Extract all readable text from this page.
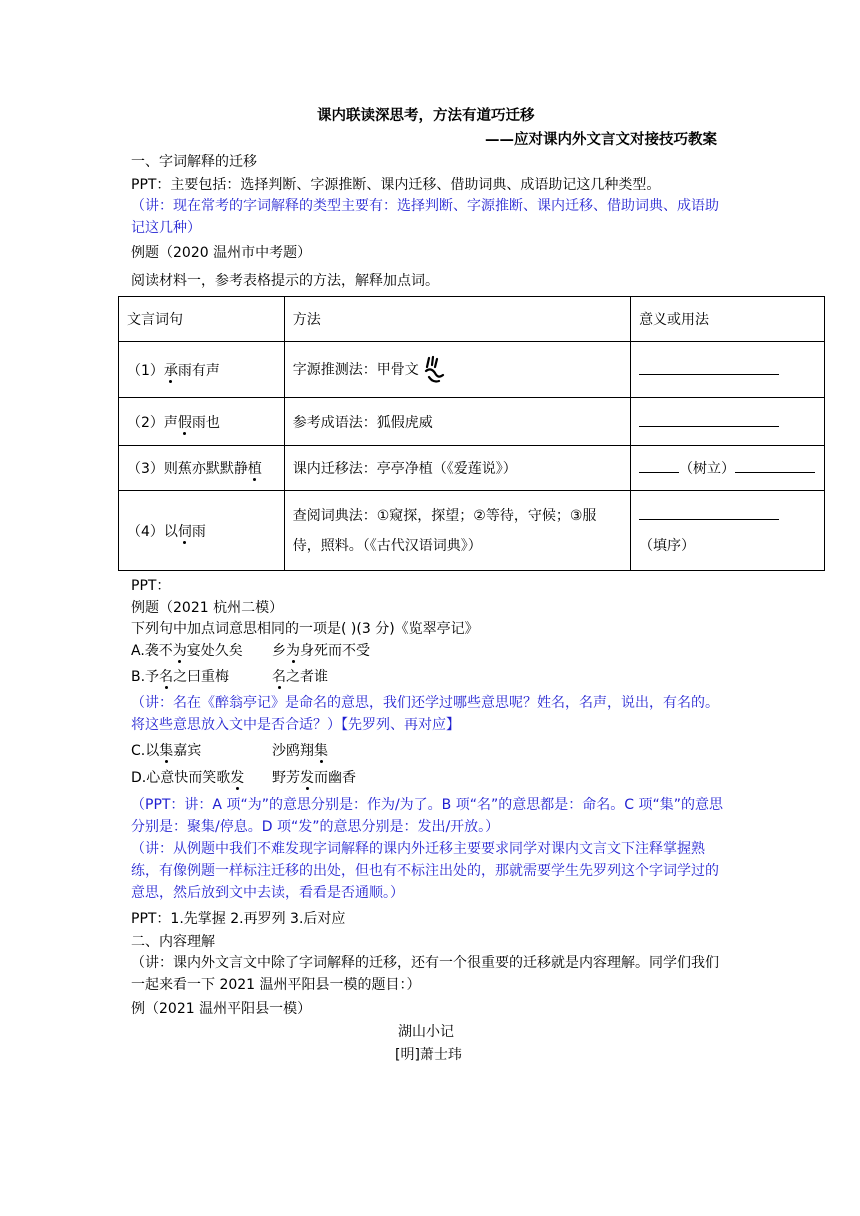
课内联读深思考，方法有道巧迁移
——应对课内外文言文对接技巧教案
一、字词解释的迁移
PPT：主要包括：选择判断、字源推断、课内迁移、借助词典、成语助记这几种类型。
（讲：现在常考的字词解释的类型主要有：选择判断、字源推断、课内迁移、借助词典、成语助记这几种）
例题（2020 温州市中考题）
阅读材料一，参考表格提示的方法，解释加点词。
文言词句	方法	意义或用法
（1）承雨有声	字源推测法：甲骨文	
（2）声假雨也	参考成语法：狐假虎威	
（3）则蕉亦默默静植	课内迁移法：亭亭净植（《爱莲说》）	（树立）
（4）以伺雨	查阅词典法：①窥探，探望；②等待，守候；③服侍，照料。（《古代汉语词典》）	（填序）
PPT：
例题（2021 杭州二模）
下列句中加点词意思相同的一项是( )(3 分)《览翠亭记》
A.袭不为宴处久矣 乡为身死而不受
B.予名之曰重梅	名之者谁
（讲：名在《醉翁亭记》是命名的意思，我们还学过哪些意思呢？姓名，名声，说出，有名的。将这些意思放入文中是否合适？）【先罗列、再对应】
C.以集嘉宾	沙鸥翔集
D.心意快而笑歌发 野芳发而幽香
（PPT：讲：A 项“为”的意思分别是：作为/为了。B 项“名”的意思都是：命名。C 项“集”的意思分别是：聚集/停息。D 项“发”的意思分别是：发出/开放。）
（讲：从例题中我们不难发现字词解释的课内外迁移主要要求同学对课内文言文下注释掌握熟练，有像例题一样标注迁移的出处，但也有不标注出处的，那就需要学生先罗列这个字词学过的意思，然后放到文中去读，看看是否通顺。）
PPT：1.先掌握 2.再罗列 3.后对应
二、内容理解
（讲：课内外文言文中除了字词解释的迁移，还有一个很重要的迁移就是内容理解。同学们我们一起来看一下 2021 温州平阳县一模的题目：）
例（2021 温州平阳县一模）
湖山小记
[明]萧士玮
